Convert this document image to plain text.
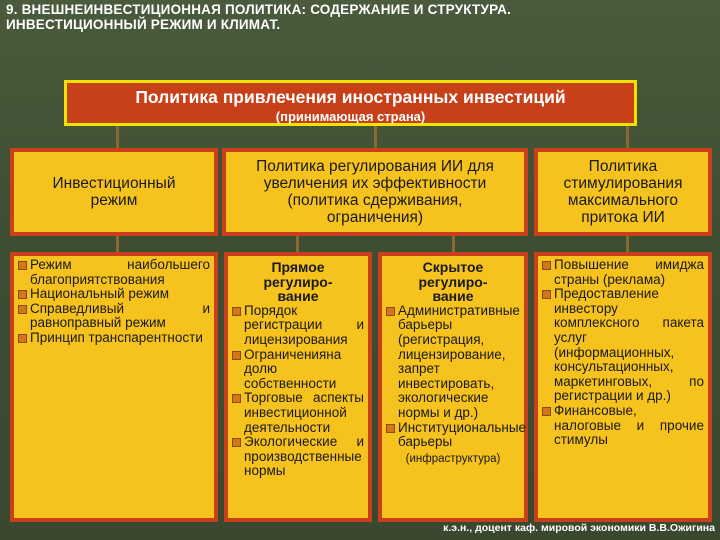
9. ВНЕШНЕИНВЕСТИЦИОННАЯ ПОЛИТИКА: СОДЕРЖАНИЕ И СТРУКТУРА.
ИНВЕСТИЦИОННЫЙ РЕЖИМ И КЛИМАТ.
Политика привлечения иностранных инвестиций
(принимающая страна)
Инвестиционный
режим
Политика регулирования ИИ для
увеличения их эффективности
(политика сдерживания,
ограничения)
Политика
стимулирования
максимального
притока ИИ
Режим наибольшего благоприятствования
Национальный режим
Справедливый и равноправный режим
Принцип транспарентности
Прямое
регулиро-
вание
Порядок регистрации и лицензирования
Ограниченияна долю собственности
Торговые аспекты инвестиционной деятельности
Экологические и производственные нормы
Скрытое
регулиро-
вание
Административные барьеры (регистрация, лицензирование, запрет инвестировать, экологические нормы и др.)
Институциональные барьеры
(инфраструктура)
Повышение имиджа страны (реклама)
Предоставление инвестору комплексного пакета услуг (информационных, консультационных, маркетинговых, по регистрации и др.)
Финансовые, налоговые и прочие стимулы
к.э.н., доцент каф. мировой экономики В.В.Ожигина
